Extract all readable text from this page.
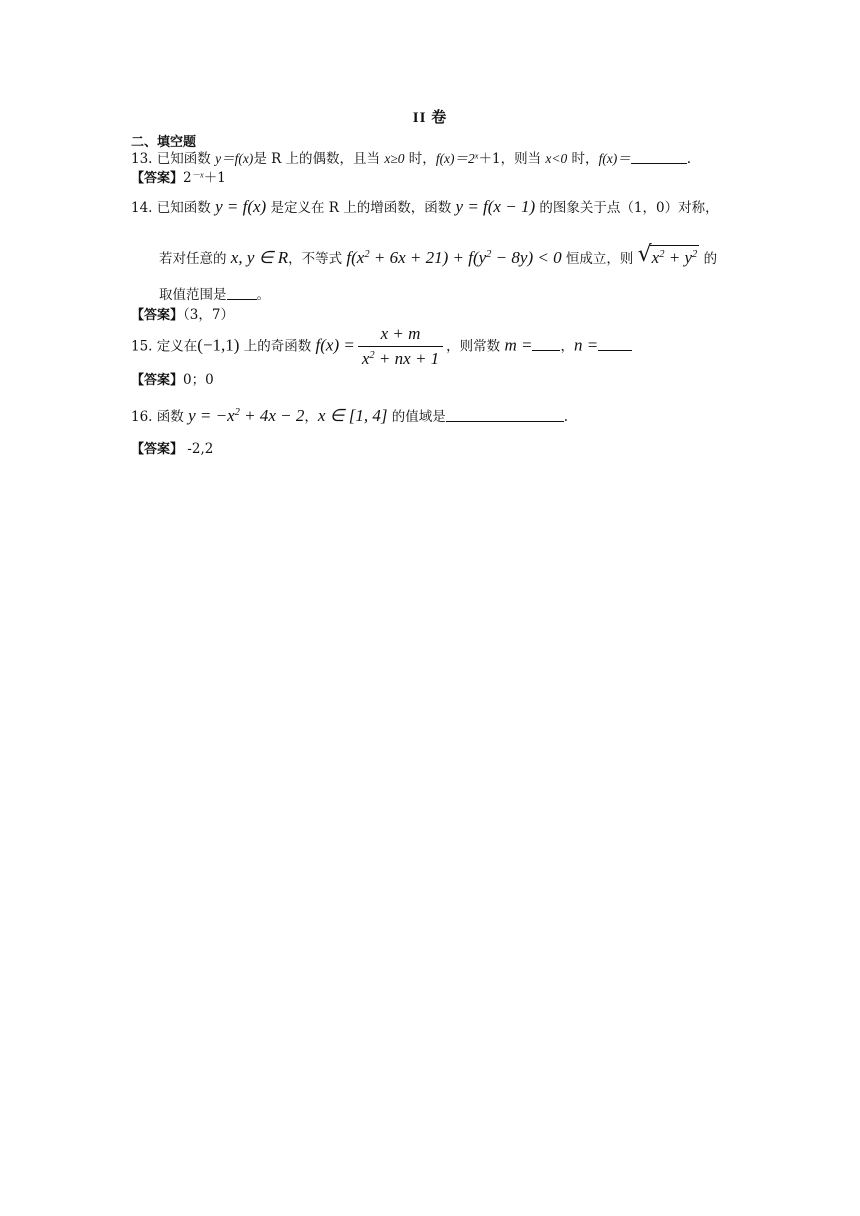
II 卷
二、填空题
13. 已知函数 y＝f(x)是 R 上的偶数，且当 x≥0 时，$f(x)=2^x+1$，则当 x<0 时，f(x)＝	.
【答案】$2^{-x}+1$
14. 已知函数 y = f(x) 是定义在 R 上的增函数，函数 y = f(x − 1) 的图象关于点（1，0）对称，
若对任意的 x, y ∈ R，不等式 $f(x^2 + 6x + 21) + f(y^2 - 8y) < 0$ 恒成立，则 √ $x^2 + y^2$ 的
取值范围是 。
【答案】（3，7）
15. 定义在(−1,1) 上的奇函数 $f(x) = \frac{x + m}{x^2 + nx + 1}$ ，则常数 m = ，n =
【答案】0；0
16. 函数 $y = -x^2 + 4x - 2$，x ∈ [1, 4] 的值域是	.
【答案】 -2,2
